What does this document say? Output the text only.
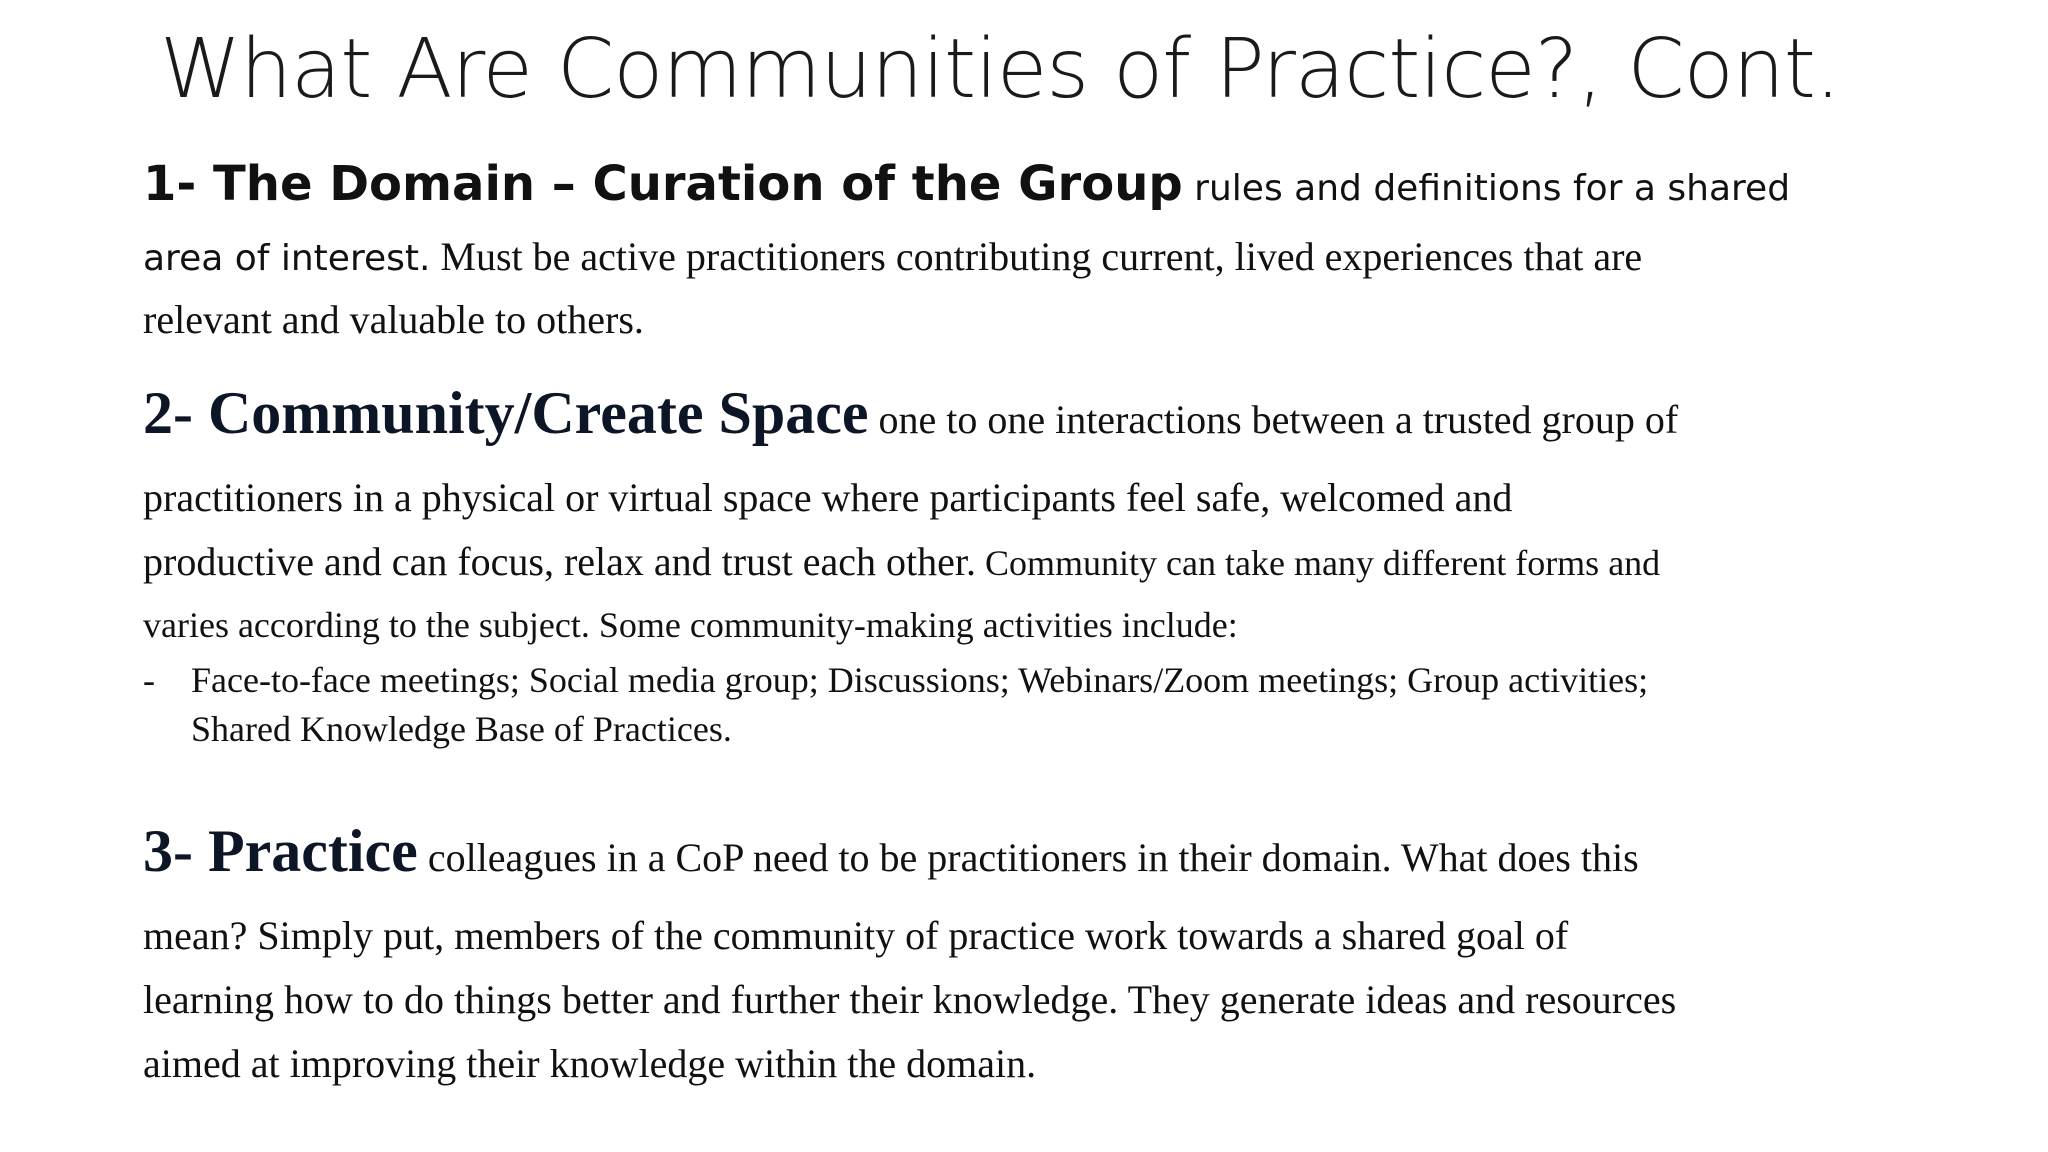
What Are Communities of Practice?, Cont.
1- The Domain – Curation of the Group rules and definitions for a shared
area of interest. Must be active practitioners contributing current, lived experiences that are
relevant and valuable to others.
2- Community/Create Space one to one interactions between a trusted group of
practitioners in a physical or virtual space where participants feel safe, welcomed and
productive and can focus, relax and trust each other. Community can take many different forms and
varies according to the subject. Some community-making activities include:
-	Face-to-face meetings; Social media group; Discussions; Webinars/Zoom meetings; Group activities;
Shared Knowledge Base of Practices.
3- Practice colleagues in a CoP need to be practitioners in their domain. What does this
mean? Simply put, members of the community of practice work towards a shared goal of
learning how to do things better and further their knowledge. They generate ideas and resources
aimed at improving their knowledge within the domain.
